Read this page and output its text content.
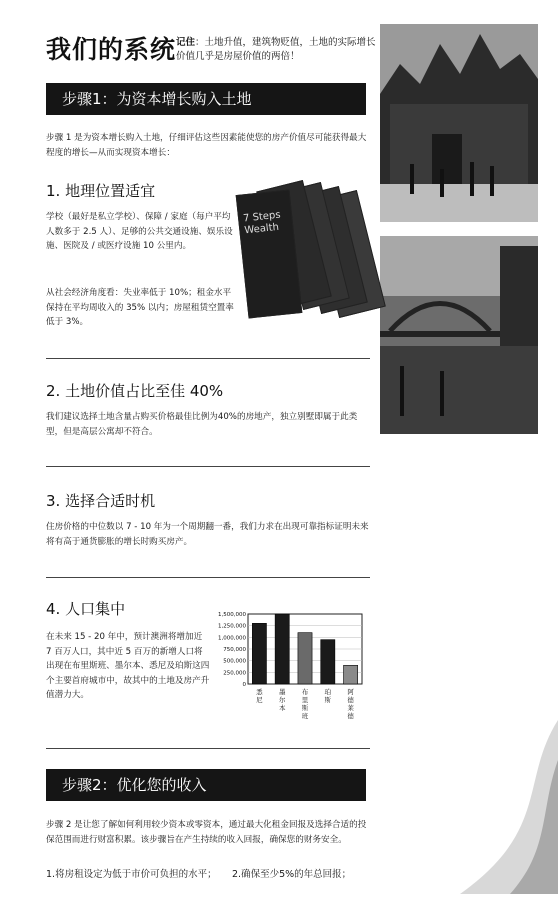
我们的系统 记住：土地升值，建筑物贬值，土地的实际增长价值几乎是房屋价值的两倍！
步骤1：为资本增长购入土地
步骤 1 是为资本增长购入土地，仔细评估这些因素能使您的房产价值尽可能获得最大程度的增长—从而实现资本增长：
1. 地理位置适宜
学校（最好是私立学校）、保障 / 家庭（每户平均人数多于 2.5 人）、足够的公共交通设施、娱乐设施、医院及 / 或医疗设施 10 公里内。
从社会经济角度看：失业率低于 10%；租金水平保持在平均周收入的 35% 以内；房屋租赁空置率低于 3%。
7 Steps Wealth
2. 土地价值占比至佳 40%
我们建议选择土地含量占购买价格最佳比例为40%的房地产，独立别墅即属于此类型，但是高层公寓却不符合。
3. 选择合适时机
住房价格的中位数以 7 - 10 年为一个周期翻一番，我们力求在出现可靠指标证明未来将有高于通货膨胀的增长时购买房产。
4. 人口集中
在未来 15 - 20 年中，预计澳洲将增加近 7 百万人口，其中近 5 百万的新增人口将出现在布里斯班、墨尔本、悉尼及珀斯这四个主要首府城市中，故其中的土地及房产升值潜力大。
1,500,000
1,250,000
1,000,000
750,000
500,000
250,000
0
悉
尼
墨
尔
本
布
里
斯
班
珀
斯
阿
德
莱
德
步骤2：优化您的收入
步骤 2 是让您了解如何利用较少资本或零资本，通过最大化租金回报及选择合适的投保范围而进行财富积累。该步骤旨在产生持续的收入回报，确保您的财务安全。
1.将房租设定为低于市价可负担的水平； 2.确保至少5%的年总回报；
